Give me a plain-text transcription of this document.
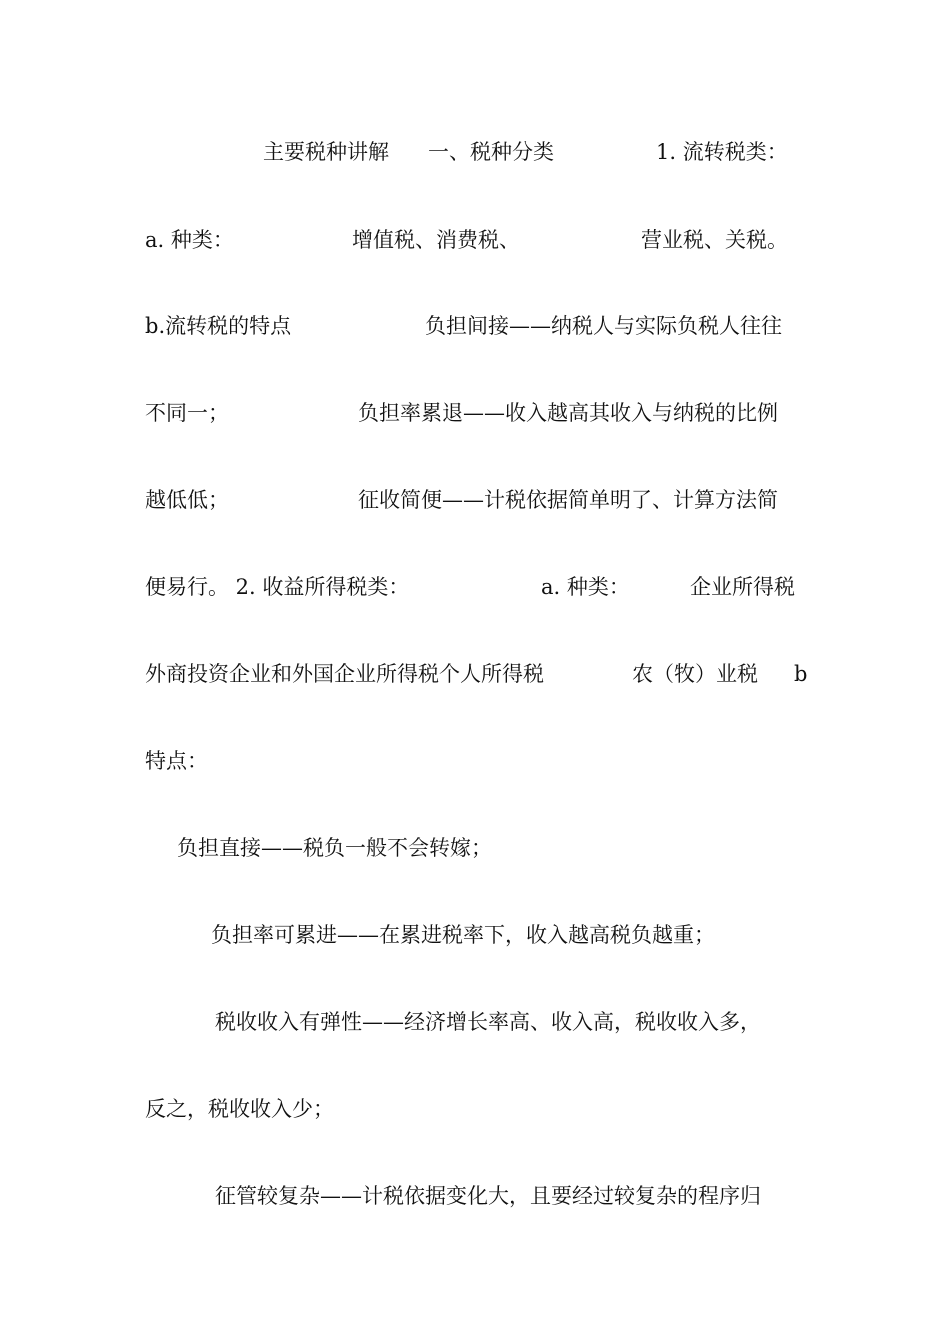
主要税种讲解 一、税种分类	1. 流转税类：
a. 种类：	增值税、消费税、	营业税、关税。
b.流转税的特点	负担间接——纳税人与实际负税人往往
不同一；	负担率累退——收入越高其收入与纳税的比例
越低低；	征收简便——计税依据简单明了、计算方法简
便易行。 2. 收益所得税类：	a. 种类：	企业所得税
外商投资企业和外国企业所得税个人所得税	农（牧）业税 b
特点：
负担直接——税负一般不会转嫁；
负担率可累进——在累进税率下，收入越高税负越重；
税收收入有弹性——经济增长率高、收入高，税收收入多，
反之，税收收入少；
征管较复杂——计税依据变化大，且要经过较复杂的程序归
